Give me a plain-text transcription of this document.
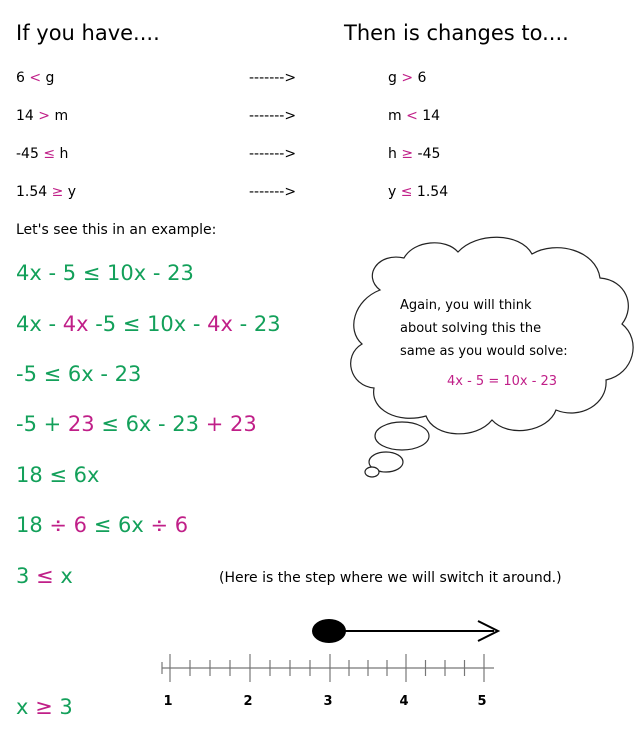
If you have....	Then is changes to....
6 < g	------->	g > 6
14 > m	------->	m < 14
-45 ≤ h	------->	h ≥ -45
1.54 ≥ y	------->	y ≤ 1.54
Let's see this in an example:
4x - 5 ≤ 10x - 23
4x - 4x -5 ≤ 10x - 4x - 23
-5 ≤ 6x - 23
-5 + 23 ≤ 6x - 23 + 23
18 ≤ 6x
18 ÷ 6 ≤ 6x ÷ 6
3 ≤ x	(Here is the step where we will switch it around.)
x ≥ 3
Again, you will think
about solving this the
same as you would solve:
4x - 5 = 10x - 23
1	2	3	4	5
